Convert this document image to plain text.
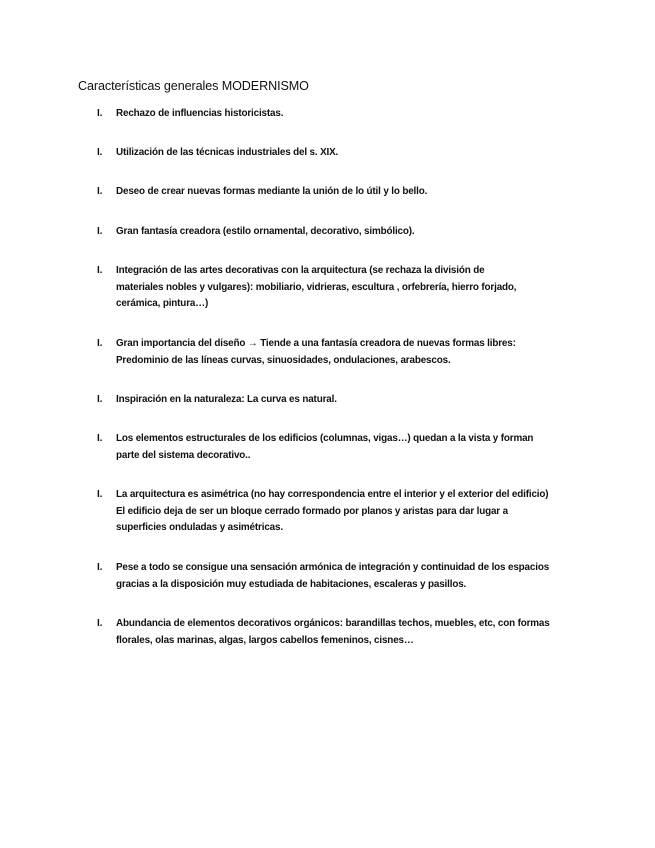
Características generales MODERNISMO
I.	Rechazo de influencias historicistas.
I.	Utilización de las técnicas industriales del s. XIX.
I.	Deseo de crear nuevas formas mediante la unión de lo útil y lo bello.
I.	Gran fantasía creadora (estilo ornamental, decorativo, simbólico).
I.	Integración de las artes decorativas con la arquitectura (se rechaza la división de
materiales nobles y vulgares): mobiliario, vidrieras, escultura , orfebrería, hierro forjado,
cerámica, pintura…)
I.	Gran importancia del diseño → Tiende a una fantasía creadora de nuevas formas libres:
Predominio de las líneas curvas, sinuosidades, ondulaciones, arabescos.
I.	Inspiración en la naturaleza: La curva es natural.
I.	Los elementos estructurales de los edificios (columnas, vigas…) quedan a la vista y forman
parte del sistema decorativo..
I.	La arquitectura es asimétrica (no hay correspondencia entre el interior y el exterior del edificio)
El edificio deja de ser un bloque cerrado formado por planos y aristas para dar lugar a
superficies onduladas y asimétricas.
I.	Pese a todo se consigue una sensación armónica de integración y continuidad de los espacios
gracias a la disposición muy estudiada de habitaciones, escaleras y pasillos.
I.	Abundancia de elementos decorativos orgánicos: barandillas techos, muebles, etc, con formas
florales, olas marinas, algas, largos cabellos femeninos, cisnes…
